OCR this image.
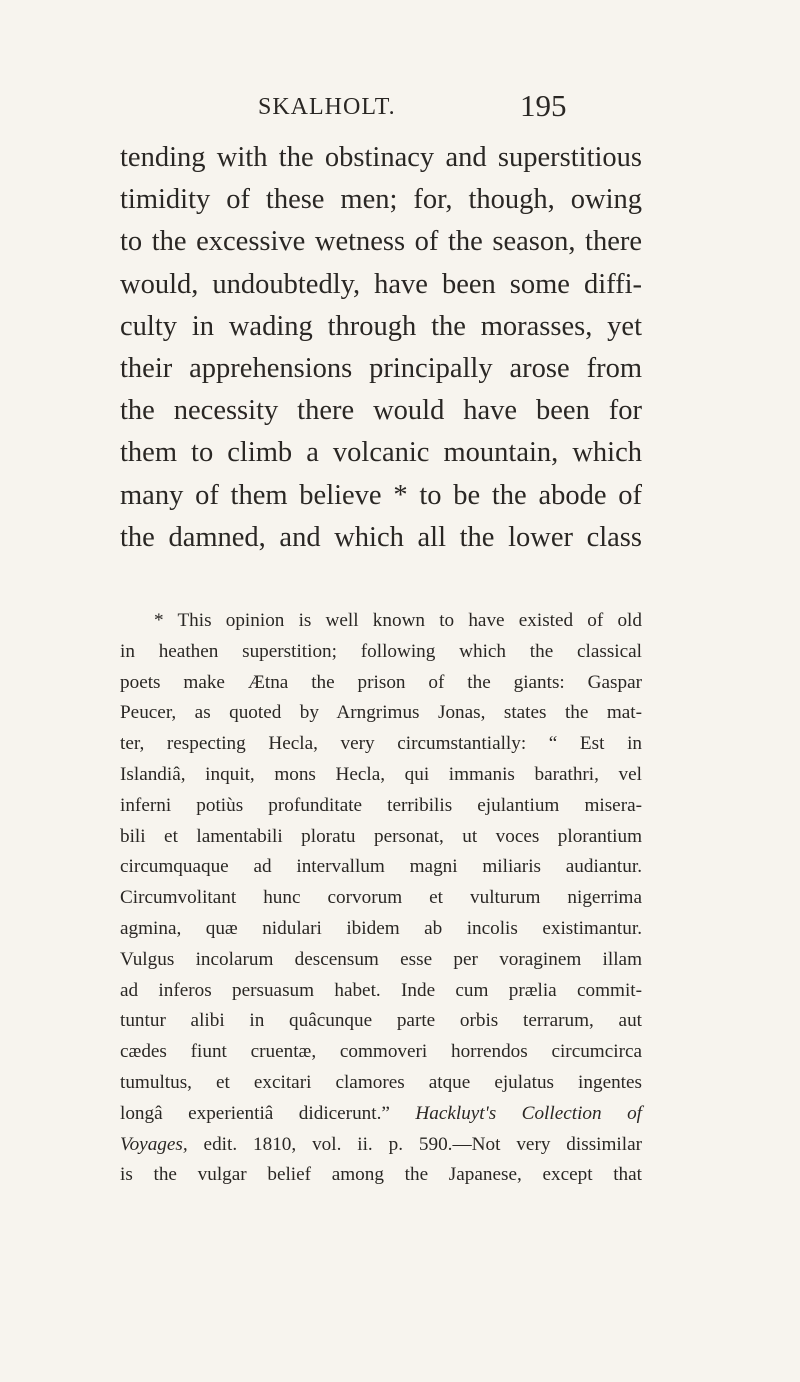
SKALHOLT.	195
tending with the obstinacy and superstitious
timidity of these men; for, though, owing
to the excessive wetness of the season, there
would, undoubtedly, have been some diffi-
culty in wading through the morasses, yet
their apprehensions principally arose from
the necessity there would have been for
them to climb a volcanic mountain, which
many of them believe * to be the abode of
the damned, and which all the lower class
* This opinion is well known to have existed of old
in heathen superstition; following which the classical
poets make Ætna the prison of the giants: Gaspar
Peucer, as quoted by Arngrimus Jonas, states the mat-
ter, respecting Hecla, very circumstantially: “ Est in
Islandiâ, inquit, mons Hecla, qui immanis barathri, vel
inferni potiùs profunditate terribilis ejulantium misera-
bili et lamentabili ploratu personat, ut voces plorantium
circumquaque ad intervallum magni miliaris audiantur.
Circumvolitant hunc corvorum et vulturum nigerrima
agmina, quæ nidulari ibidem ab incolis existimantur.
Vulgus incolarum descensum esse per voraginem illam
ad inferos persuasum habet. Inde cum prælia commit-
tuntur alibi in quâcunque parte orbis terrarum, aut
cædes fiunt cruentæ, commoveri horrendos circumcirca
tumultus, et excitari clamores atque ejulatus ingentes
longâ experientiâ didicerunt.” Hackluyt's Collection of
Voyages, edit. 1810, vol. ii. p. 590.—Not very dissimilar
is the vulgar belief among the Japanese, except that
